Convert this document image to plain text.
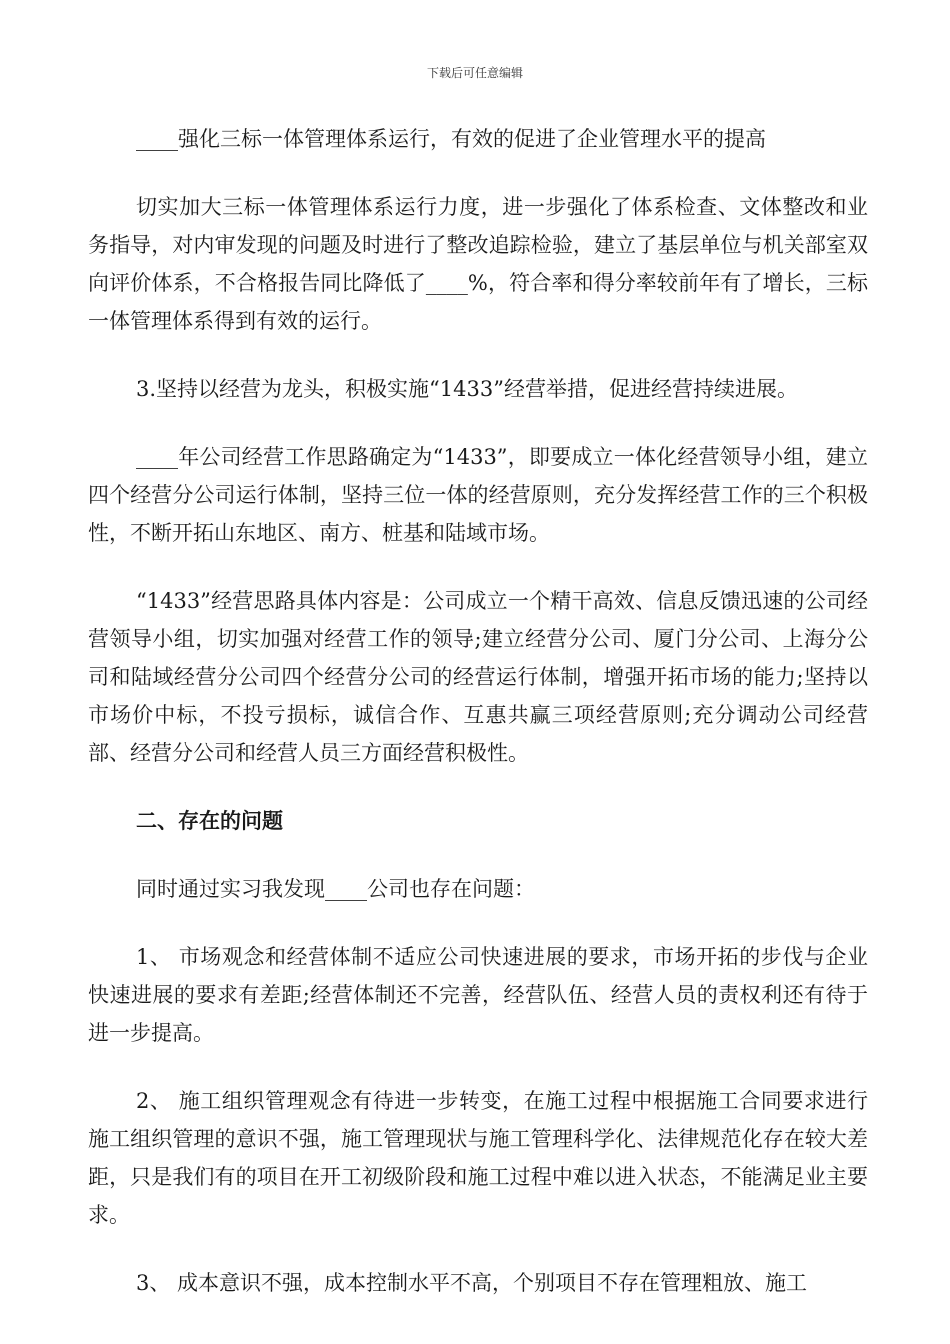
下载后可任意编辑

____强化三标一体管理体系运行，有效的促进了企业管理水平的提高

切实加大三标一体管理体系运行力度，进一步强化了体系检查、文体整改和业务指导，对内审发现的问题及时进行了整改追踪检验，建立了基层单位与机关部室双向评价体系，不合格报告同比降低了____%，符合率和得分率较前年有了增长，三标一体管理体系得到有效的运行。

3.坚持以经营为龙头，积极实施“1433”经营举措，促进经营持续进展。

____年公司经营工作思路确定为“1433”，即要成立一体化经营领导小组，建立四个经营分公司运行体制，坚持三位一体的经营原则，充分发挥经营工作的三个积极性，不断开拓山东地区、南方、桩基和陆域市场。

“1433”经营思路具体内容是：公司成立一个精干高效、信息反馈迅速的公司经营领导小组，切实加强对经营工作的领导;建立经营分公司、厦门分公司、上海分公司和陆域经营分公司四个经营分公司的经营运行体制，增强开拓市场的能力;坚持以市场价中标，不投亏损标，诚信合作、互惠共赢三项经营原则;充分调动公司经营部、经营分公司和经营人员三方面经营积极性。

二、存在的问题

同时通过实习我发现____公司也存在问题：

1、 市场观念和经营体制不适应公司快速进展的要求，市场开拓的步伐与企业快速进展的要求有差距;经营体制还不完善，经营队伍、经营人员的责权利还有待于进一步提高。

2、 施工组织管理观念有待进一步转变，在施工过程中根据施工合同要求进行施工组织管理的意识不强，施工管理现状与施工管理科学化、法律规范化存在较大差距，只是我们有的项目在开工初级阶段和施工过程中难以进入状态，不能满足业主要求。

3、 成本意识不强，成本控制水平不高，个别项目不存在管理粗放、施工
